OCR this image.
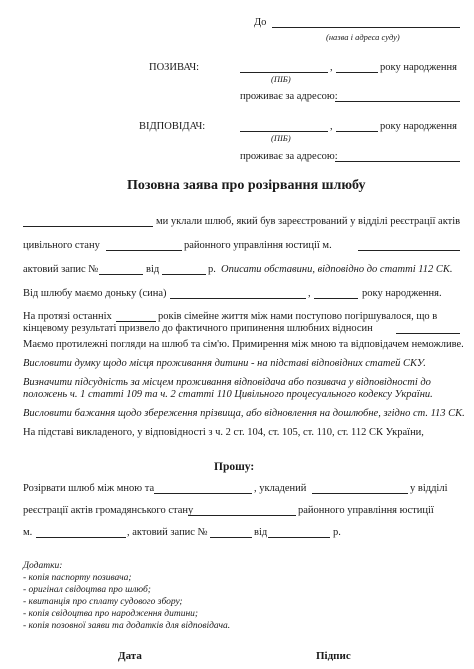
До
(назва і адреса суду)
ПОЗИВАЧ:	,	року народження
(ПІБ)
проживає за адресою:
ВІДПОВІДАЧ:	,	року народження
(ПІБ)
проживає за адресою:
Позовна заява про розірвання шлюбу
ми уклали шлюб, який був зареєстрований у відділі реєстрації актів
цивільного стану	районного управління юстиції м.
актовий запис №	від	р. Описати обставини, відповідно до статті 112 СК.
Від шлюбу маємо доньку (сина)	,	року народження.
На протязі останніх	років сімейне життя між нами поступово погіршувалося, що в
кінцевому результаті призвело до фактичного припинення шлюбних відносин
Маємо протилежні погляди на шлюб та сім'ю. Примирення між мною та відповідачем неможливе.
Висловити думку щодо місця проживання дитини - на підставі відповідних статей СКУ.
Визначити підсудність за місцем проживання відповідача або позивача у відповідності до
положень ч. 1 статті 109 та ч. 2 статті 110 Цивільного процесуального кодексу України.
Висловити бажання щодо збереження прізвища, або відновлення на дошлюбне, згідно ст. 113 СК.
На підставі викладеного, у відповідності з ч. 2 ст. 104, ст. 105, ст. 110, ст. 112 СК України,
Прошу:
Розірвати шлюб між мною та	, укладений	у відділі
реєстрації актів громадянського стану	районного управління юстиції
м.	, актовий запис №	від	р.
Додатки:
- копія паспорту позивача;
- оригінал свідоцтва про шлюб;
- квитанція про сплату судового збору;
- копія свідоцтва про народження дитини;
- копія позовної заяви та додатків для відповідача.
Дата	Підпис
